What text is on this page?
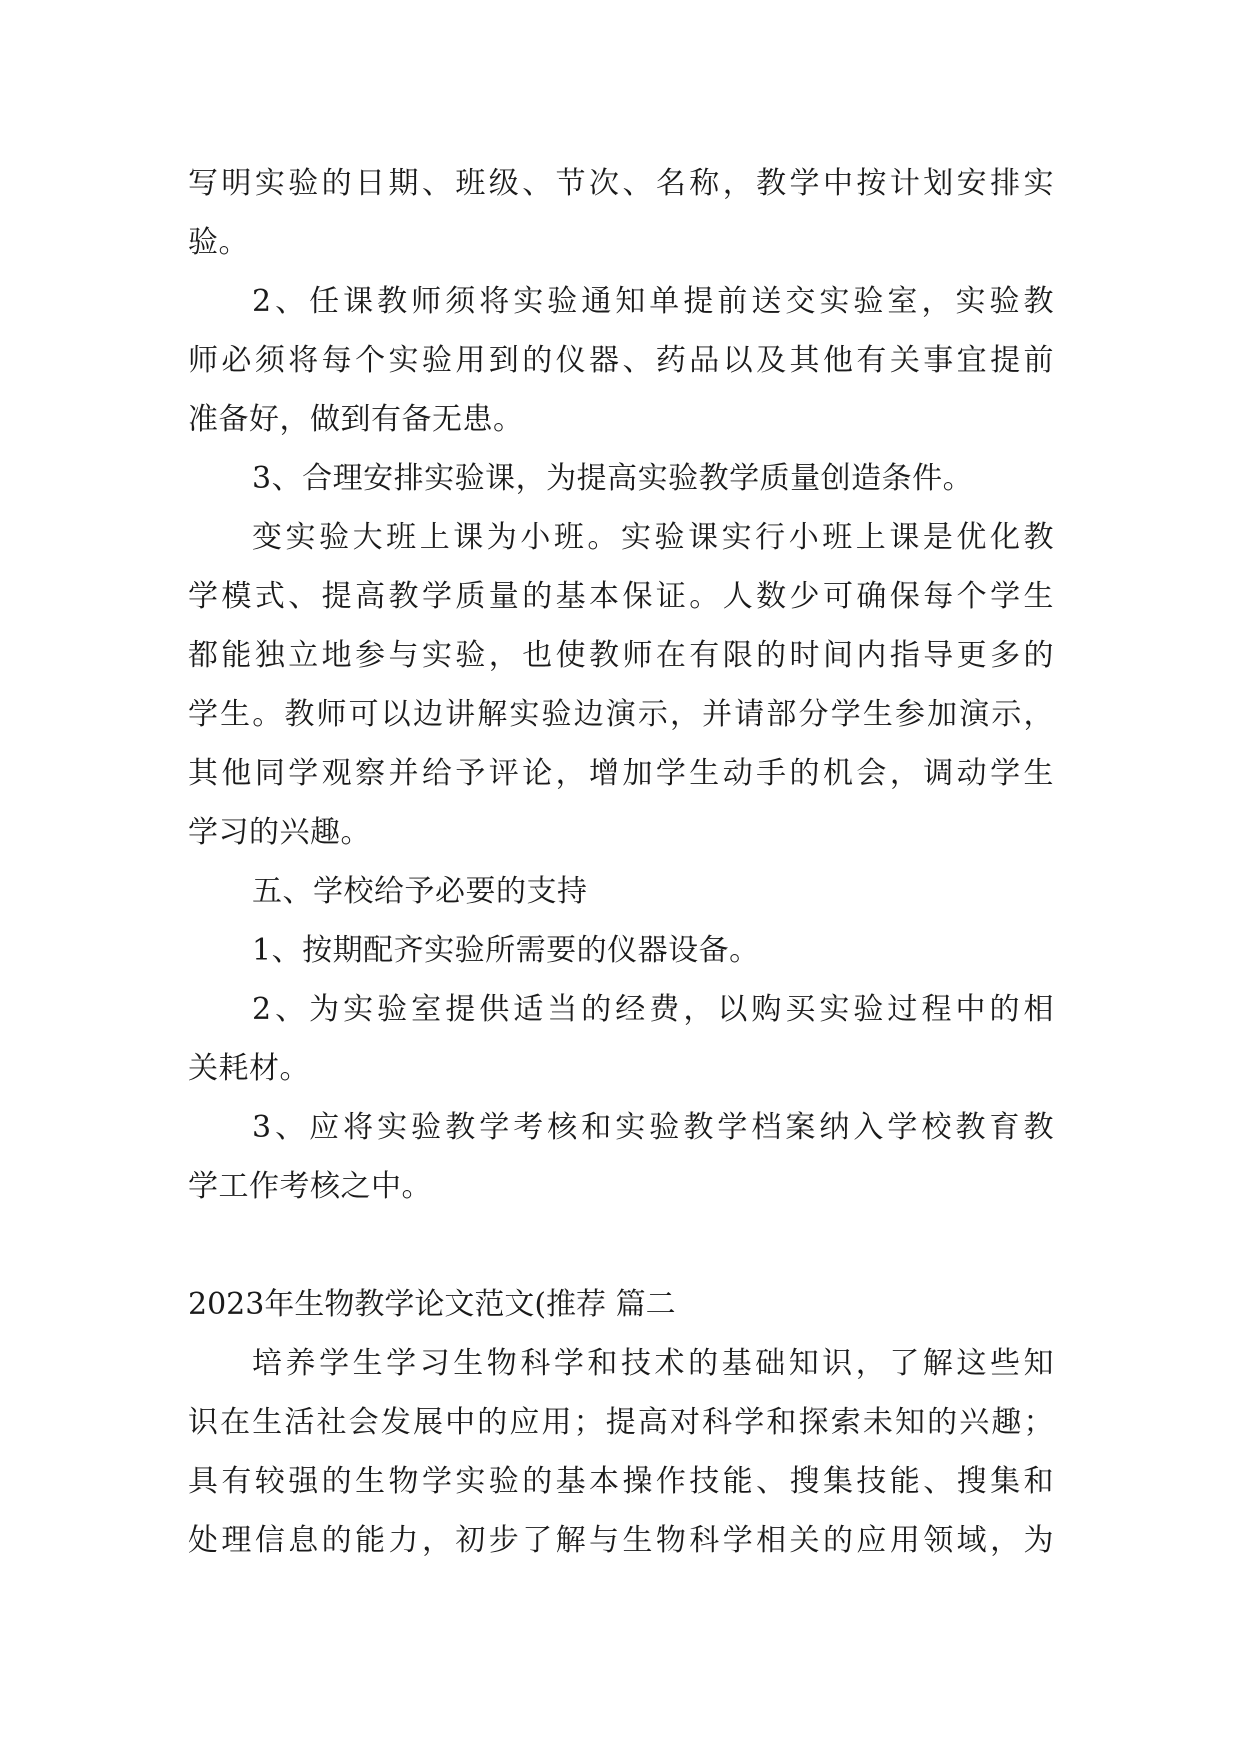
写明实验的日期、班级、节次、名称，教学中按计划安排实
验。
2、任课教师须将实验通知单提前送交实验室，实验教
师必须将每个实验用到的仪器、药品以及其他有关事宜提前
准备好，做到有备无患。
3、合理安排实验课，为提高实验教学质量创造条件。
变实验大班上课为小班。实验课实行小班上课是优化教
学模式、提高教学质量的基本保证。人数少可确保每个学生
都能独立地参与实验，也使教师在有限的时间内指导更多的
学生。教师可以边讲解实验边演示，并请部分学生参加演示，
其他同学观察并给予评论，增加学生动手的机会，调动学生
学习的兴趣。
五、学校给予必要的支持
1、按期配齐实验所需要的仪器设备。
2、为实验室提供适当的经费，以购买实验过程中的相
关耗材。
3、应将实验教学考核和实验教学档案纳入学校教育教
学工作考核之中。
2023年生物教学论文范文(推荐 篇二
培养学生学习生物科学和技术的基础知识，了解这些知
识在生活社会发展中的应用；提高对科学和探索未知的兴趣；
具有较强的生物学实验的基本操作技能、搜集技能、搜集和
处理信息的能力，初步了解与生物科学相关的应用领域，为
